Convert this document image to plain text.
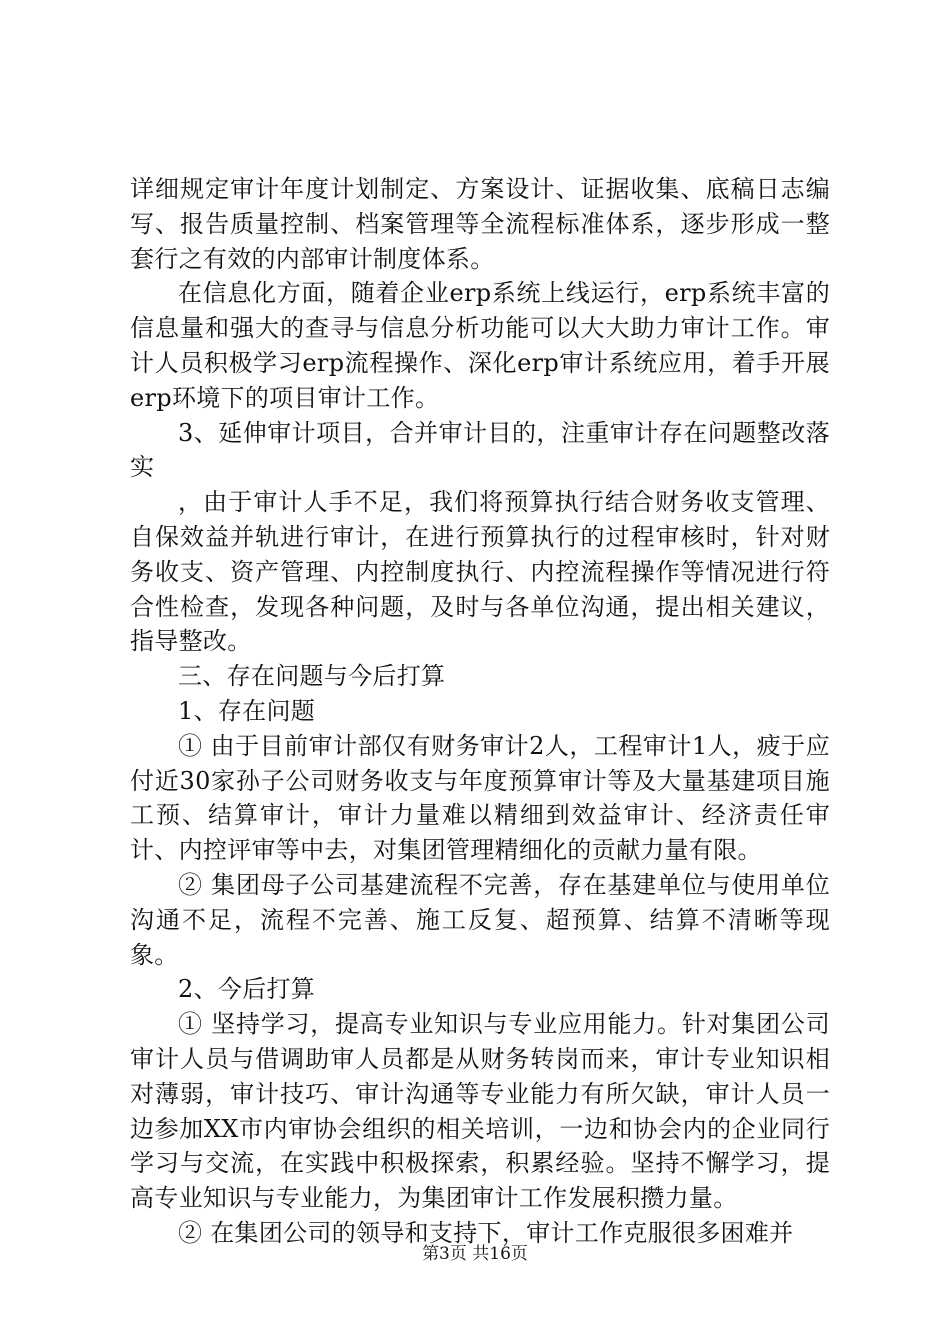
详细规定审计年度计划制定、方案设计、证据收集、底稿日志编写、报告质量控制、档案管理等全流程标准体系，逐步形成一整套行之有效的内部审计制度体系。

在信息化方面，随着企业erp系统上线运行，erp系统丰富的信息量和强大的查寻与信息分析功能可以大大助力审计工作。审计人员积极学习erp流程操作、深化erp审计系统应用，着手开展erp环境下的项目审计工作。

3、延伸审计项目，合并审计目的，注重审计存在问题整改落实

，由于审计人手不足，我们将预算执行结合财务收支管理、自保效益并轨进行审计，在进行预算执行的过程审核时，针对财务收支、资产管理、内控制度执行、内控流程操作等情况进行符合性检查，发现各种问题，及时与各单位沟通，提出相关建议，指导整改。

三、存在问题与今后打算

1、存在问题

① 由于目前审计部仅有财务审计2人，工程审计1人，疲于应付近30家孙子公司财务收支与年度预算审计等及大量基建项目施工预、结算审计，审计力量难以精细到效益审计、经济责任审计、内控评审等中去，对集团管理精细化的贡献力量有限。

② 集团母子公司基建流程不完善，存在基建单位与使用单位沟通不足，流程不完善、施工反复、超预算、结算不清晰等现象。

2、今后打算

① 坚持学习，提高专业知识与专业应用能力。针对集团公司审计人员与借调助审人员都是从财务转岗而来，审计专业知识相对薄弱，审计技巧、审计沟通等专业能力有所欠缺，审计人员一边参加XX市内审协会组织的相关培训，一边和协会内的企业同行学习与交流，在实践中积极探索，积累经验。坚持不懈学习，提高专业知识与专业能力，为集团审计工作发展积攒力量。

② 在集团公司的领导和支持下，审计工作克服很多困难并

第3页 共16页
